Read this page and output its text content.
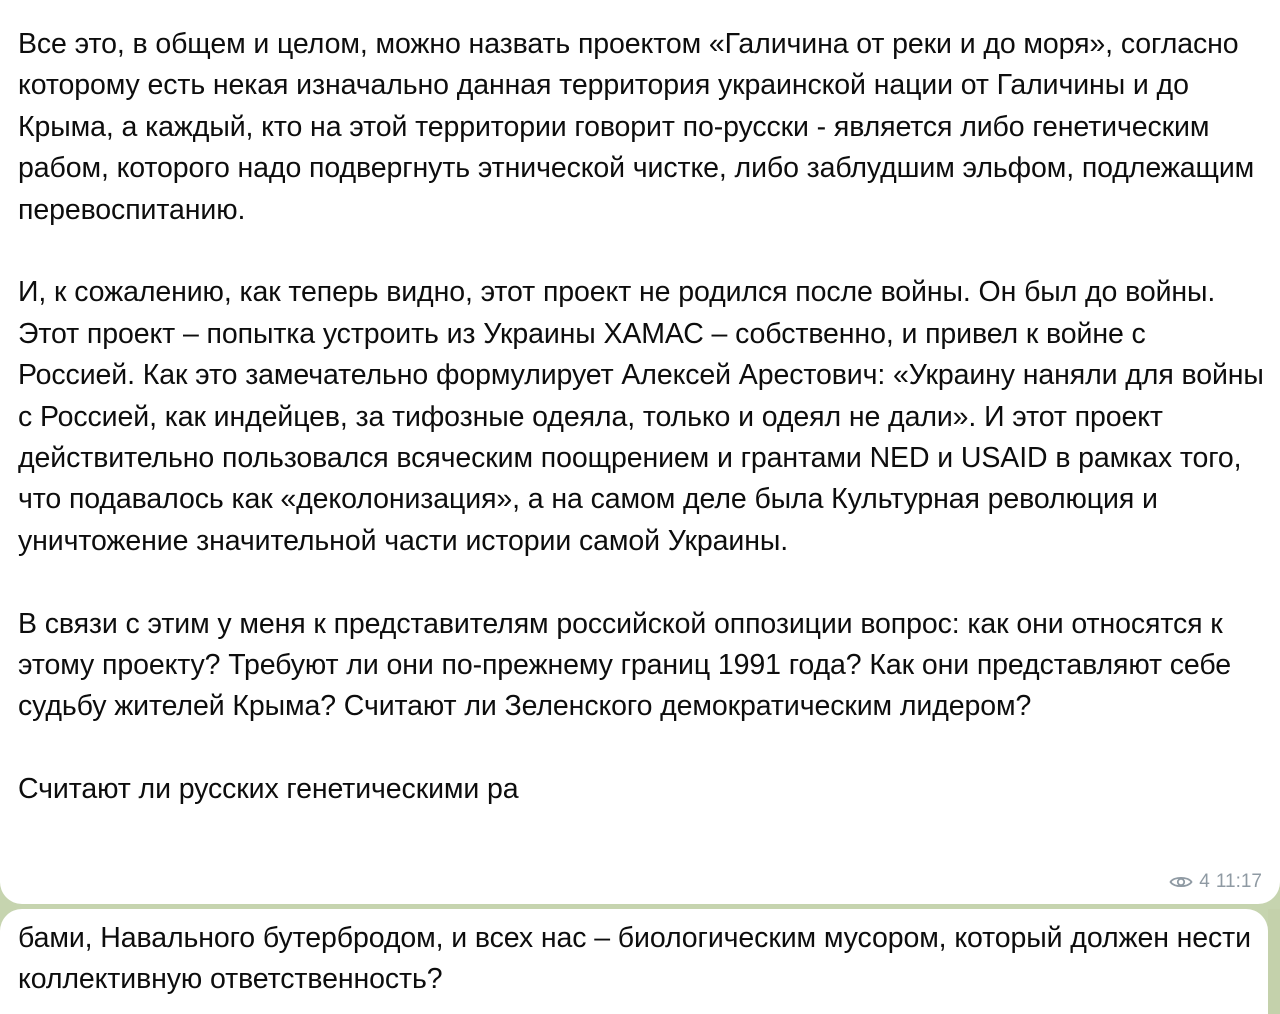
Все это, в общем и целом, можно назвать проектом «Галичина от реки и до моря», согласно которому есть некая изначально данная территория украинской нации от Галичины и до Крыма, а каждый, кто на этой территории говорит по-русски - является либо генетическим рабом, которого надо подвергнуть этнической чистке, либо заблудшим эльфом, подлежащим перевоспитанию.
И, к сожалению, как теперь видно, этот проект не родился после войны. Он был до войны. Этот проект – попытка устроить из Украины ХАМАС – собственно, и привел к войне с Россией. Как это замечательно формулирует Алексей Арестович: «Украину наняли для войны с Россией, как индейцев, за тифозные одеяла, только и одеял не дали». И этот проект действительно пользовался всяческим поощрением и грантами NED и USAID в рамках того, что подавалось как «деколонизация», а на самом деле была Культурная революция и уничтожение значительной части истории самой Украины.
В связи с этим у меня к представителям российской оппозиции вопрос: как они относятся к этому проекту? Требуют ли они по-прежнему границ 1991 года? Как они представляют себе судьбу жителей Крыма? Считают ли Зеленского демократическим лидером?
Считают ли русских генетическими ра
4 11:17
бами, Навального бутербродом, и всех нас – биологическим мусором, который должен нести коллективную ответственность?
